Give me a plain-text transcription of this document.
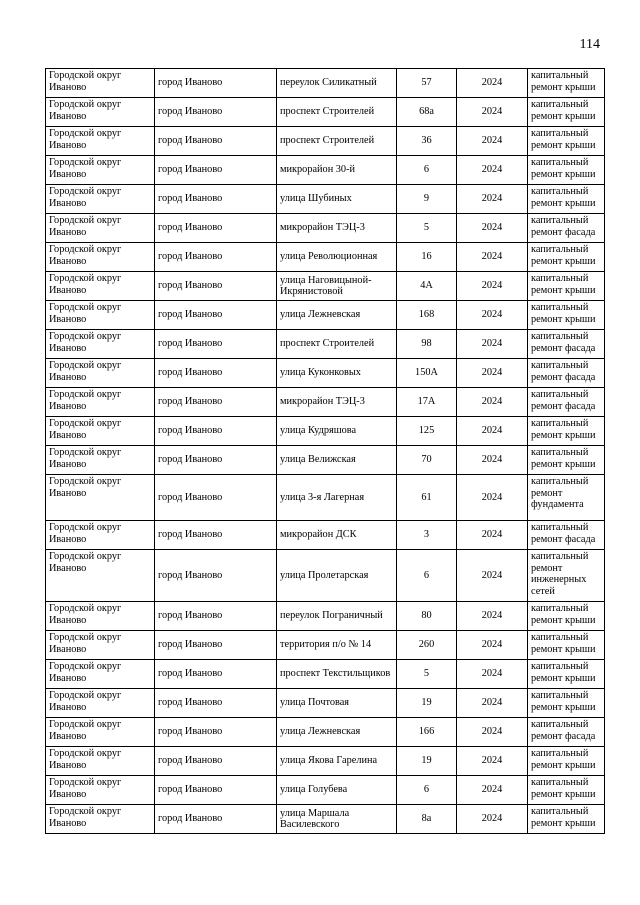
114
Городской округ Иваново	город Иваново	переулок Силикатный	57	2024	капитальный ремонт крыши
Городской округ Иваново	город Иваново	проспект Строителей	68а	2024	капитальный ремонт крыши
Городской округ Иваново	город Иваново	проспект Строителей	36	2024	капитальный ремонт крыши
Городской округ Иваново	город Иваново	микрорайон 30-й	6	2024	капитальный ремонт крыши
Городской округ Иваново	город Иваново	улица Шубиных	9	2024	капитальный ремонт крыши
Городской округ Иваново	город Иваново	микрорайон ТЭЦ-3	5	2024	капитальный ремонт фасада
Городской округ Иваново	город Иваново	улица Революционная	16	2024	капитальный ремонт крыши
Городской округ Иваново	город Иваново	улица Наговицыной-Икрянистовой	4А	2024	капитальный ремонт крыши
Городской округ Иваново	город Иваново	улица Лежневская	168	2024	капитальный ремонт крыши
Городской округ Иваново	город Иваново	проспект Строителей	98	2024	капитальный ремонт фасада
Городской округ Иваново	город Иваново	улица Куконковых	150А	2024	капитальный ремонт фасада
Городской округ Иваново	город Иваново	микрорайон ТЭЦ-3	17А	2024	капитальный ремонт фасада
Городской округ Иваново	город Иваново	улица Кудряшова	125	2024	капитальный ремонт крыши
Городской округ Иваново	город Иваново	улица Велижская	70	2024	капитальный ремонт крыши
Городской округ Иваново	город Иваново	улица 3-я Лагерная	61	2024	капитальный ремонт фундамента
Городской округ Иваново	город Иваново	микрорайон ДСК	3	2024	капитальный ремонт фасада
Городской округ Иваново	город Иваново	улица Пролетарская	6	2024	капитальный ремонт инженерных сетей
Городской округ Иваново	город Иваново	переулок Пограничный	80	2024	капитальный ремонт крыши
Городской округ Иваново	город Иваново	территория п/о № 14	260	2024	капитальный ремонт крыши
Городской округ Иваново	город Иваново	проспект Текстильщиков	5	2024	капитальный ремонт крыши
Городской округ Иваново	город Иваново	улица Почтовая	19	2024	капитальный ремонт крыши
Городской округ Иваново	город Иваново	улица Лежневская	166	2024	капитальный ремонт фасада
Городской округ Иваново	город Иваново	улица Якова Гарелина	19	2024	капитальный ремонт крыши
Городской округ Иваново	город Иваново	улица Голубева	6	2024	капитальный ремонт крыши
Городской округ Иваново	город Иваново	улица Маршала Василевского	8а	2024	капитальный ремонт крыши
